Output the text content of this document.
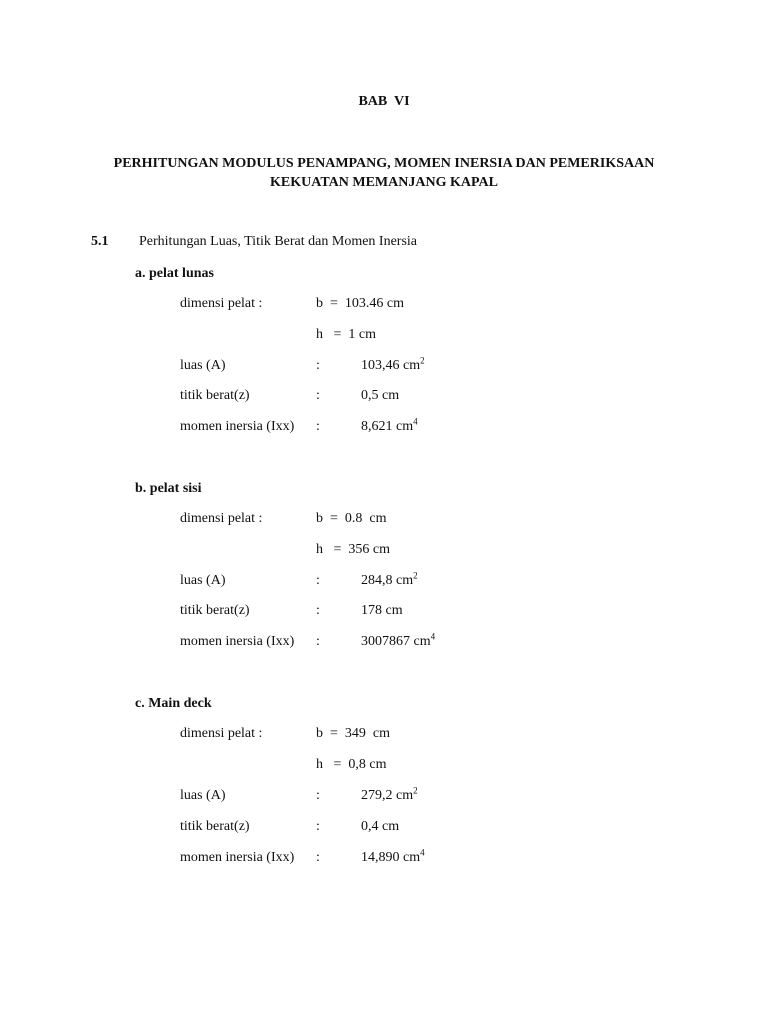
BAB  VI
PERHITUNGAN MODULUS PENAMPANG, MOMEN INERSIA DAN PEMERIKSAAN
KEKUATAN MEMANJANG KAPAL
5.1 Perhitungan Luas, Titik Berat dan Momen Inersia
a. pelat lunas
dimensi pelat :	b  =  103.46 cm
h   =  1 cm
luas (A)	:	103,46 $cm^2$
titik berat(z)	:	0,5 cm
momen inersia (Ixx) :	8,621 $cm^4$
b. pelat sisi
dimensi pelat :	b  =  0.8  cm
h   =  356 cm
luas (A)	:	284,8 $cm^2$
titik berat(z)	:	178 cm
momen inersia (Ixx) :	3007867 $cm^4$
c. Main deck
dimensi pelat :	b  =  349  cm
h   =  0,8 cm
luas (A)	:	279,2 $cm^2$
titik berat(z)	:	0,4 cm
momen inersia (Ixx) :	14,890 $cm^4$
